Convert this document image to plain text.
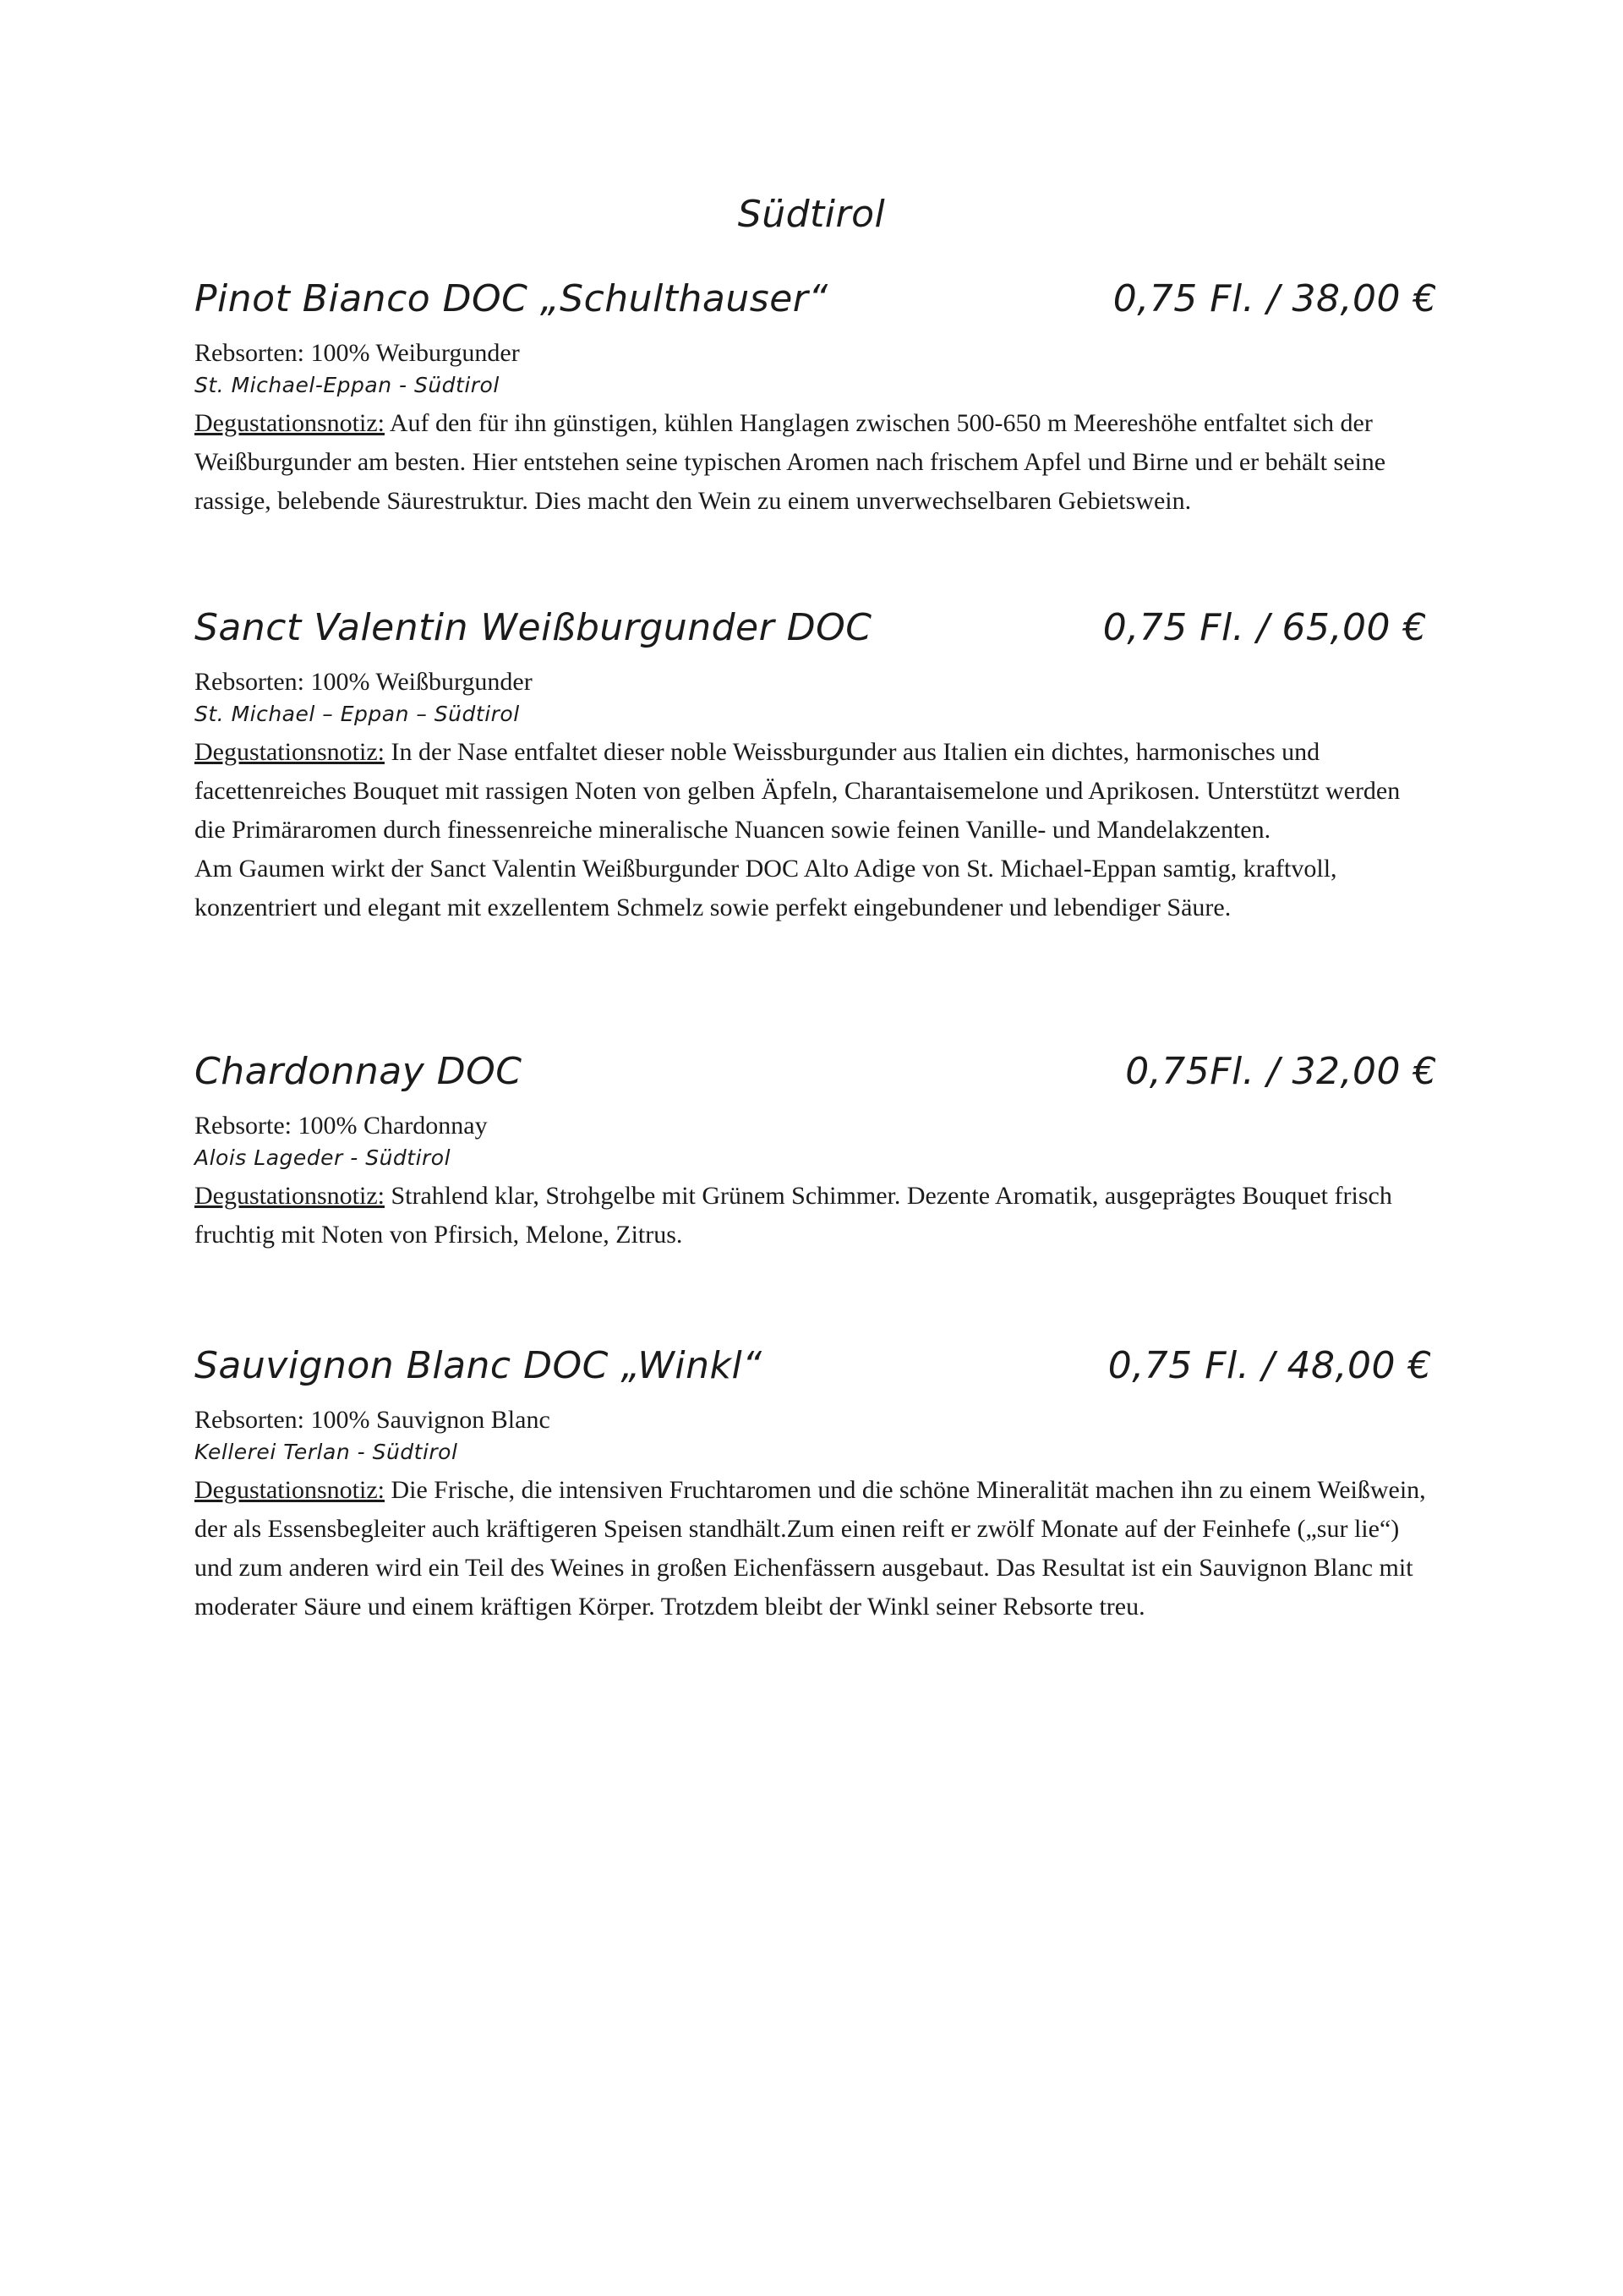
Südtirol
Pinot Bianco DOC „Schulthauser“	0,75 Fl. / 38,00 €
Rebsorten: 100% Weiburgunder
St. Michael-Eppan - Südtirol

Degustationsnotiz: Auf den für ihn günstigen, kühlen Hanglagen zwischen 500-650 m Meereshöhe entfaltet sich der Weißburgunder am besten. Hier entstehen seine typischen Aromen nach frischem Apfel und Birne und er behält seine rassige, belebende Säurestruktur. Dies macht den Wein zu einem unverwechselbaren Gebietswein.

Sanct Valentin Weißburgunder DOC	0,75 Fl. / 65,00 €
Rebsorten: 100% Weißburgunder
St. Michael – Eppan – Südtirol

Degustationsnotiz: In der Nase entfaltet dieser noble Weissburgunder aus Italien ein dichtes, harmonisches und facettenreiches Bouquet mit rassigen Noten von gelben Äpfeln, Charantaisemelone und Aprikosen. Unterstützt werden die Primäraromen durch finessenreiche mineralische Nuancen sowie feinen Vanille- und Mandelakzenten.

Am Gaumen wirkt der Sanct Valentin Weißburgunder DOC Alto Adige von St. Michael-Eppan samtig, kraftvoll, konzentriert und elegant mit exzellentem Schmelz sowie perfekt eingebundener und lebendiger Säure.

Chardonnay DOC	0,75Fl. / 32,00 €
Rebsorte: 100% Chardonnay
Alois Lageder - Südtirol

Degustationsnotiz: Strahlend klar, Strohgelbe mit Grünem Schimmer. Dezente Aromatik, ausgeprägtes Bouquet frisch fruchtig mit Noten von Pfirsich, Melone, Zitrus.

Sauvignon Blanc DOC „Winkl“	0,75 Fl. / 48,00 €
Rebsorten: 100% Sauvignon Blanc
Kellerei Terlan - Südtirol

Degustationsnotiz: Die Frische, die intensiven Fruchtaromen und die schöne Mineralität machen ihn zu einem Weißwein, der als Essensbegleiter auch kräftigeren Speisen standhält.Zum einen reift er zwölf Monate auf der Feinhefe („sur lie“) und zum anderen wird ein Teil des Weines in großen Eichenfässern ausgebaut. Das Resultat ist ein Sauvignon Blanc mit moderater Säure und einem kräftigen Körper. Trotzdem bleibt der Winkl seiner Rebsorte treu.
